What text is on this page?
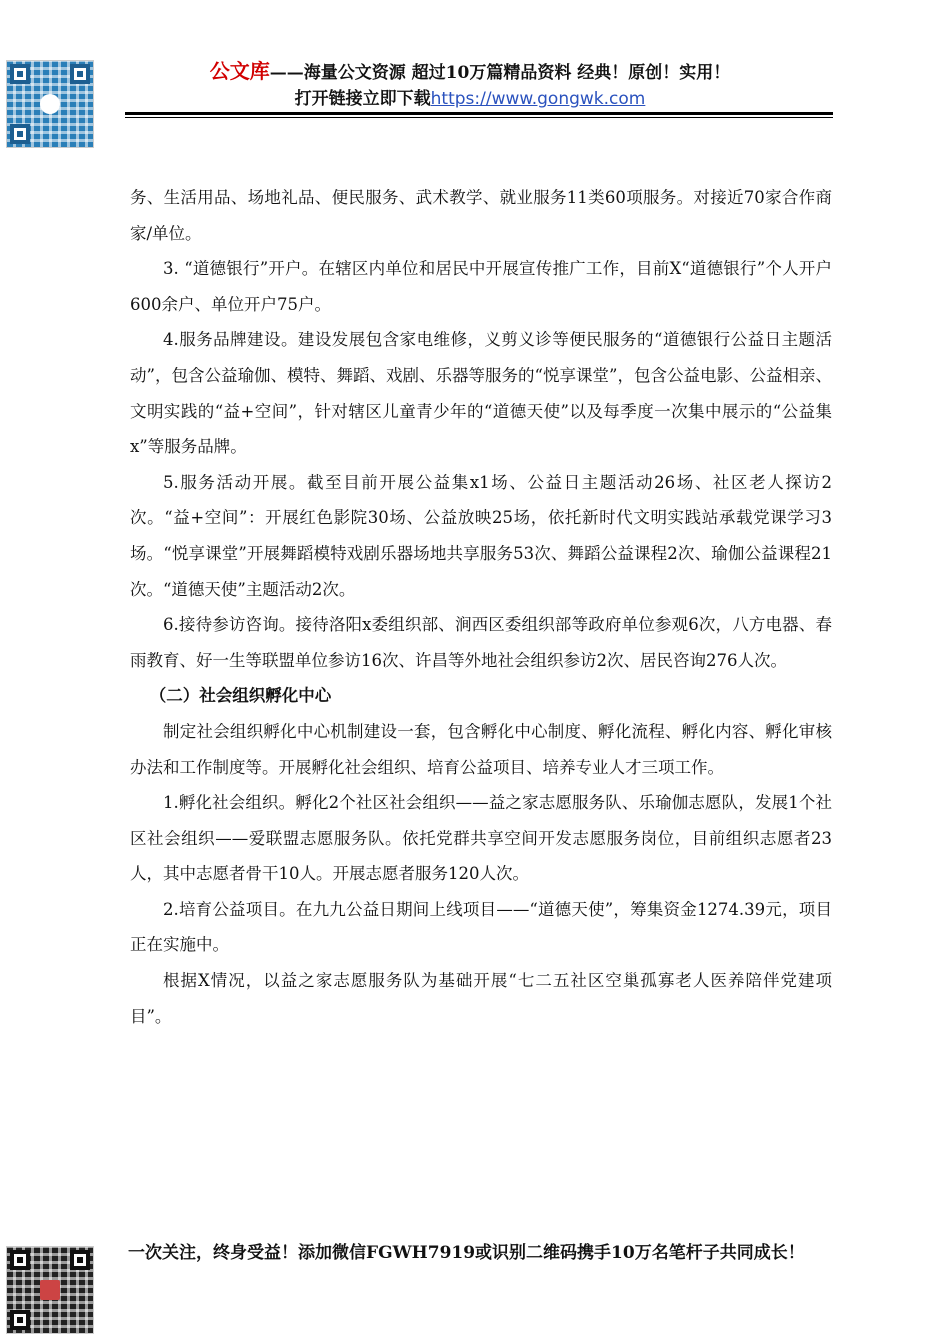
公文库——海量公文资源 超过10万篇精品资料 经典！原创！实用！
打开链接立即下载https://www.gongwk.com

务、生活用品、场地礼品、便民服务、武术教学、就业服务11类60项服务。对接近70家合作商家/单位。

3. “道德银行”开户。在辖区内单位和居民中开展宣传推广工作，目前X“道德银行”个人开户600余户、单位开户75户。

4.服务品牌建设。建设发展包含家电维修，义剪义诊等便民服务的“道德银行公益日主题活动”，包含公益瑜伽、模特、舞蹈、戏剧、乐器等服务的“悦享课堂”，包含公益电影、公益相亲、文明实践的“益+空间”，针对辖区儿童青少年的“道德天使”以及每季度一次集中展示的“公益集x”等服务品牌。

5.服务活动开展。截至目前开展公益集x1场、公益日主题活动26场、社区老人探访2次。“益+空间”：开展红色影院30场、公益放映25场，依托新时代文明实践站承载党课学习3场。“悦享课堂”开展舞蹈模特戏剧乐器场地共享服务53次、舞蹈公益课程2次、瑜伽公益课程21次。“道德天使”主题活动2次。

6.接待参访咨询。接待洛阳x委组织部、涧西区委组织部等政府单位参观6次，八方电器、春雨教育、好一生等联盟单位参访16次、许昌等外地社会组织参访2次、居民咨询276人次。

（二）社会组织孵化中心

制定社会组织孵化中心机制建设一套，包含孵化中心制度、孵化流程、孵化内容、孵化审核办法和工作制度等。开展孵化社会组织、培育公益项目、培养专业人才三项工作。

1.孵化社会组织。孵化2个社区社会组织——益之家志愿服务队、乐瑜伽志愿队，发展1个社区社会组织——爱联盟志愿服务队。依托党群共享空间开发志愿服务岗位，目前组织志愿者23人，其中志愿者骨干10人。开展志愿者服务120人次。

2.培育公益项目。在九九公益日期间上线项目——“道德天使”，筹集资金1274.39元，项目正在实施中。

根据X情况，以益之家志愿服务队为基础开展“七二五社区空巢孤寡老人医养陪伴党建项目”。

一次关注，终身受益！添加微信FGWH7919或识别二维码携手10万名笔杆子共同成长！
